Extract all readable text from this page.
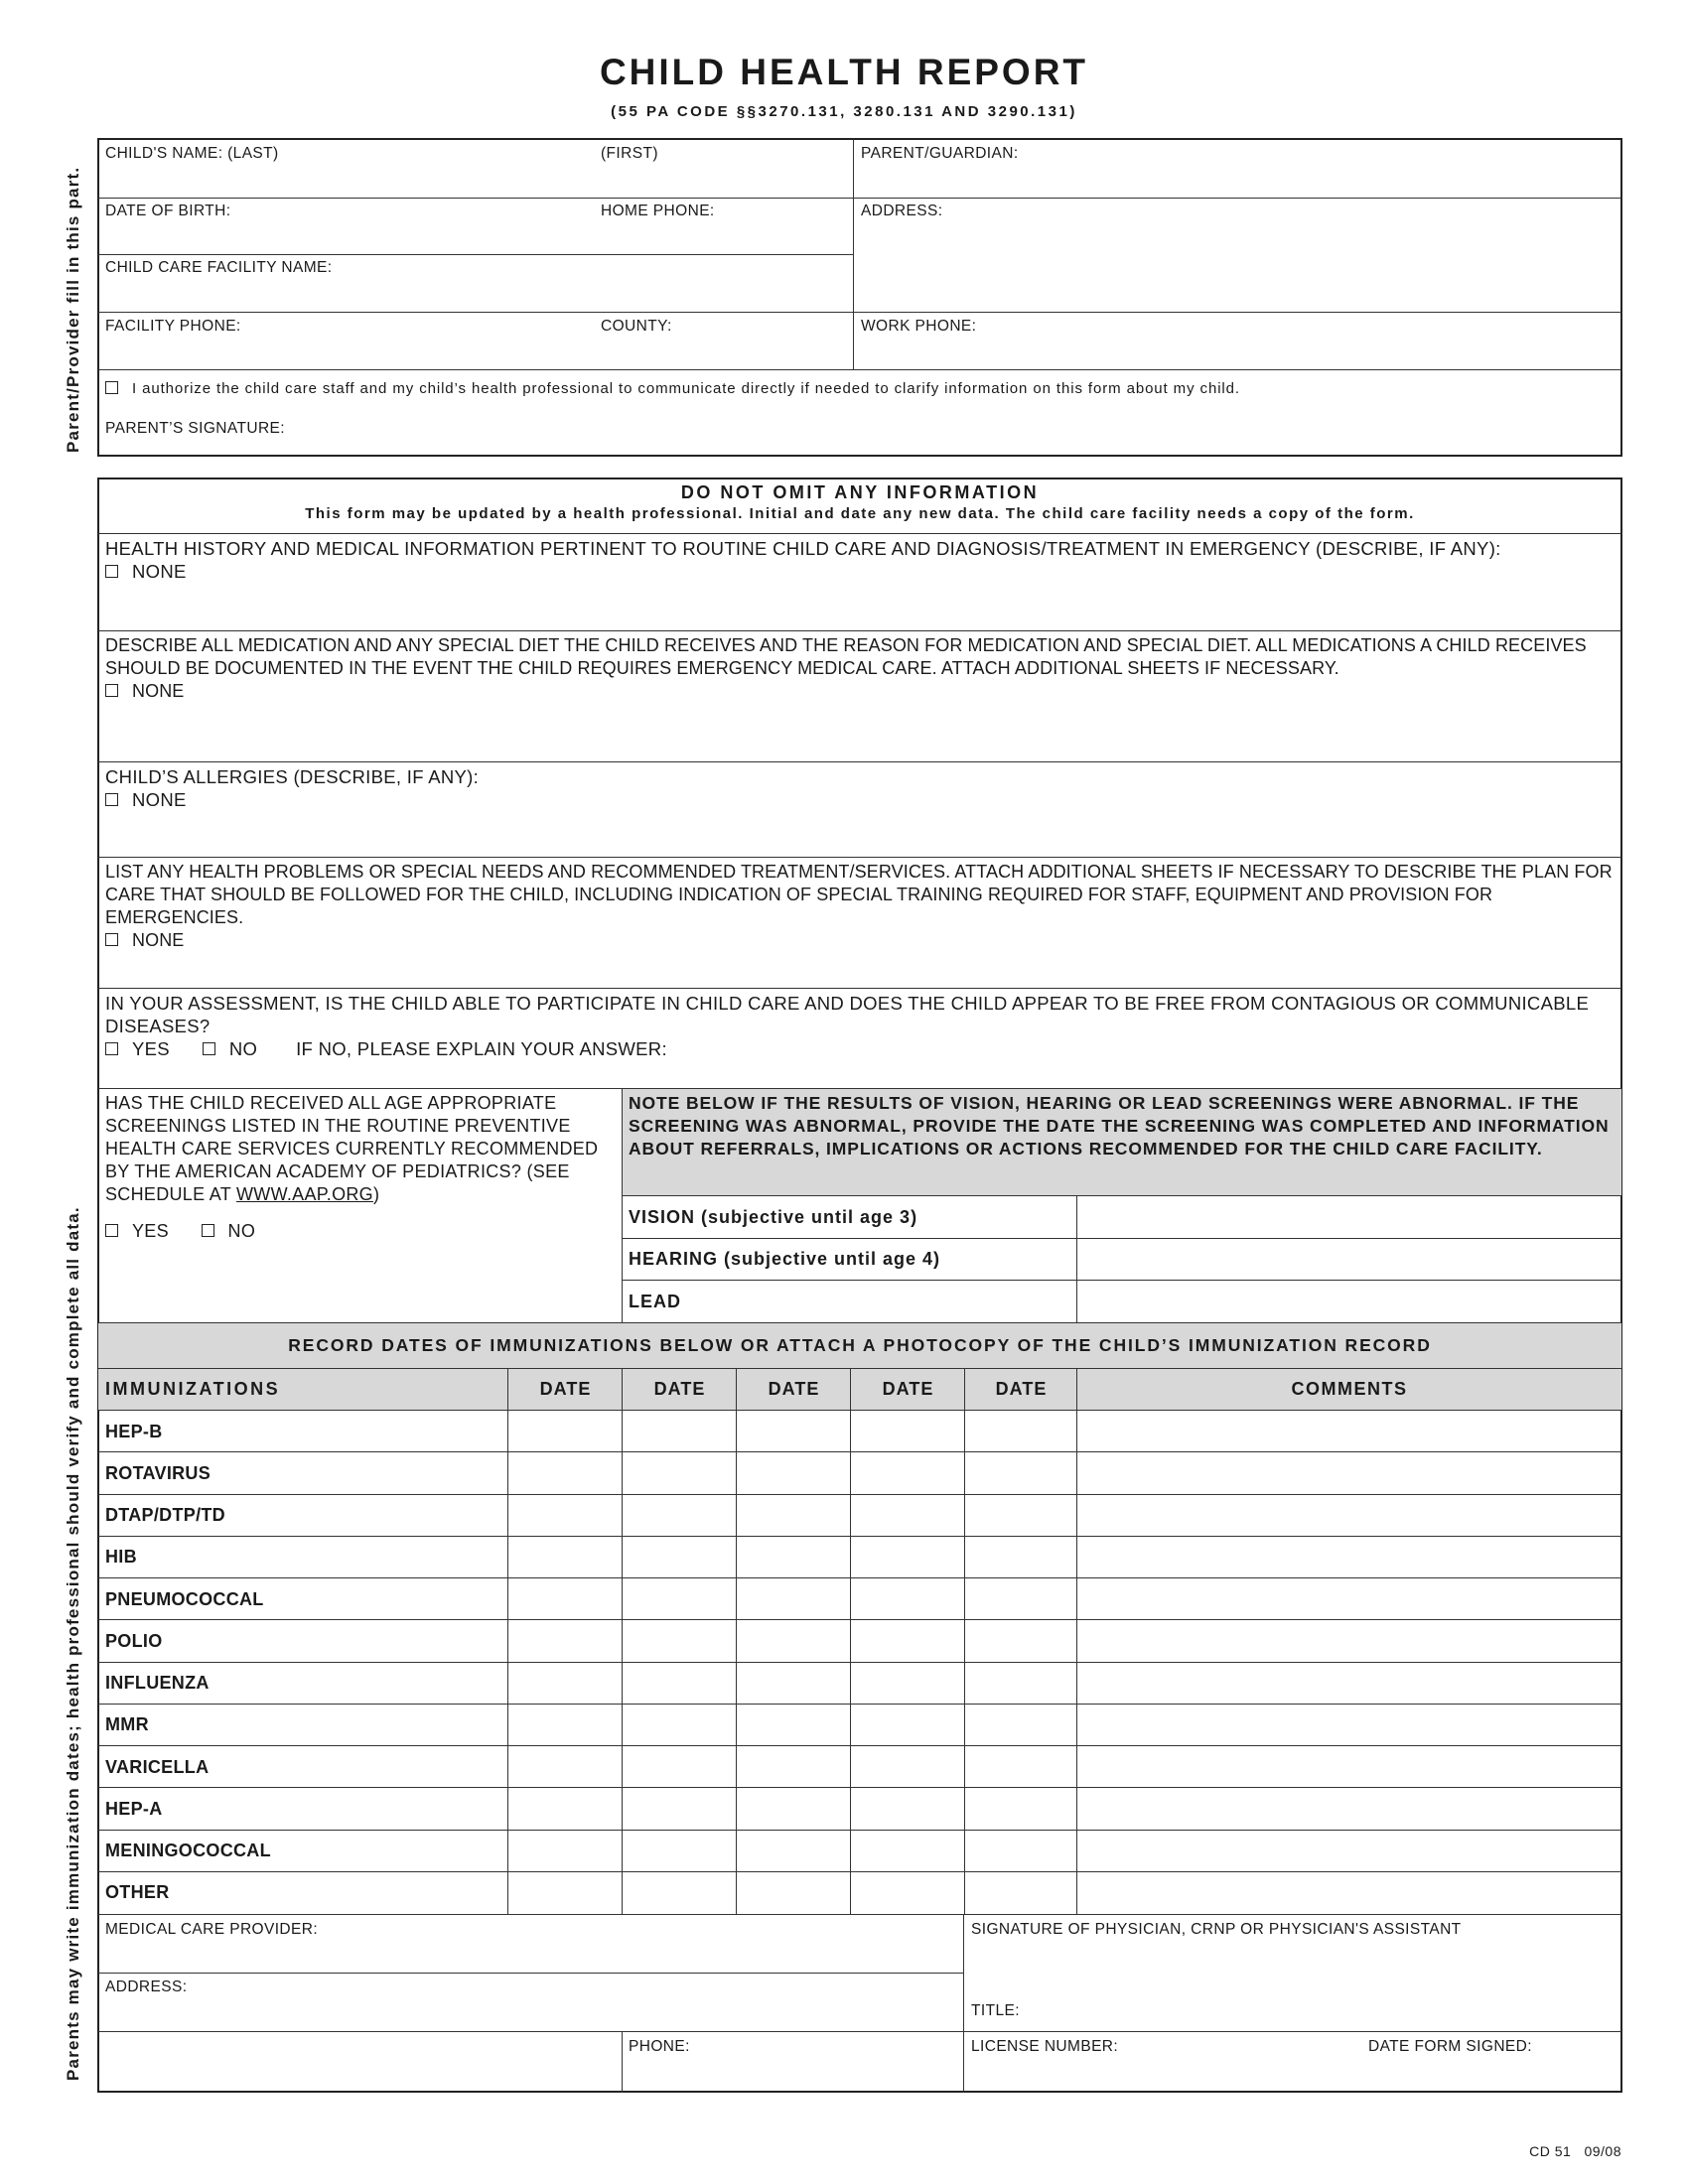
CHILD HEALTH REPORT
(55 PA CODE §§3270.131, 3280.131 AND 3290.131)
Parent/Provider fill in this part.
Parents may write immunization dates; health professional should verify and complete all data.
CHILD'S NAME: (LAST)	(FIRST)	PARENT/GUARDIAN:
DATE OF BIRTH:	HOME PHONE:	ADDRESS:
CHILD CARE FACILITY NAME:
FACILITY PHONE:	COUNTY:	WORK PHONE:
I authorize the child care staff and my child’s health professional to communicate directly if needed to clarify information on this form about my child.
PARENT’S SIGNATURE:
DO NOT OMIT ANY INFORMATION
This form may be updated by a health professional. Initial and date any new data. The child care facility needs a copy of the form.
HEALTH HISTORY AND MEDICAL INFORMATION PERTINENT TO ROUTINE CHILD CARE AND DIAGNOSIS/TREATMENT IN EMERGENCY (DESCRIBE, IF ANY):
NONE
DESCRIBE ALL MEDICATION AND ANY SPECIAL DIET THE CHILD RECEIVES AND THE REASON FOR MEDICATION AND SPECIAL DIET. ALL MEDICATIONS A CHILD RECEIVES SHOULD BE DOCUMENTED IN THE EVENT THE CHILD REQUIRES EMERGENCY MEDICAL CARE. ATTACH ADDITIONAL SHEETS IF NECESSARY.
NONE
CHILD’S ALLERGIES (DESCRIBE, IF ANY):
NONE
LIST ANY HEALTH PROBLEMS OR SPECIAL NEEDS AND RECOMMENDED TREATMENT/SERVICES. ATTACH ADDITIONAL SHEETS IF NECESSARY TO DESCRIBE THE PLAN FOR CARE THAT SHOULD BE FOLLOWED FOR THE CHILD, INCLUDING INDICATION OF SPECIAL TRAINING REQUIRED FOR STAFF, EQUIPMENT AND PROVISION FOR EMERGENCIES.
NONE
IN YOUR ASSESSMENT, IS THE CHILD ABLE TO PARTICIPATE IN CHILD CARE AND DOES THE CHILD APPEAR TO BE FREE FROM CONTAGIOUS OR COMMUNICABLE DISEASES?
YES	NO IF NO, PLEASE EXPLAIN YOUR ANSWER:
HAS THE CHILD RECEIVED ALL AGE APPROPRIATE SCREENINGS LISTED IN THE ROUTINE PREVENTIVE HEALTH CARE SERVICES CURRENTLY RECOMMENDED BY THE AMERICAN ACADEMY OF PEDIATRICS? (SEE SCHEDULE AT WWW.AAP.ORG)
YES	NO
NOTE BELOW IF THE RESULTS OF VISION, HEARING OR LEAD SCREENINGS WERE ABNORMAL. IF THE SCREENING WAS ABNORMAL, PROVIDE THE DATE THE SCREENING WAS COMPLETED AND INFORMATION ABOUT REFERRALS, IMPLICATIONS OR ACTIONS RECOMMENDED FOR THE CHILD CARE FACILITY.
VISION (subjective until age 3)
HEARING (subjective until age 4)
LEAD
RECORD DATES OF IMMUNIZATIONS BELOW OR ATTACH A PHOTOCOPY OF THE CHILD’S IMMUNIZATION RECORD
IMMUNIZATIONS	DATE	DATE	DATE	DATE	DATE	COMMENTS
HEP-B
ROTAVIRUS
DTAP/DTP/TD
HIB
PNEUMOCOCCAL
POLIO
INFLUENZA
MMR
VARICELLA
HEP-A
MENINGOCOCCAL
OTHER
MEDICAL CARE PROVIDER:	SIGNATURE OF PHYSICIAN, CRNP OR PHYSICIAN'S ASSISTANT
ADDRESS:
TITLE:
PHONE:	LICENSE NUMBER:	DATE FORM SIGNED:
CD 51   09/08
